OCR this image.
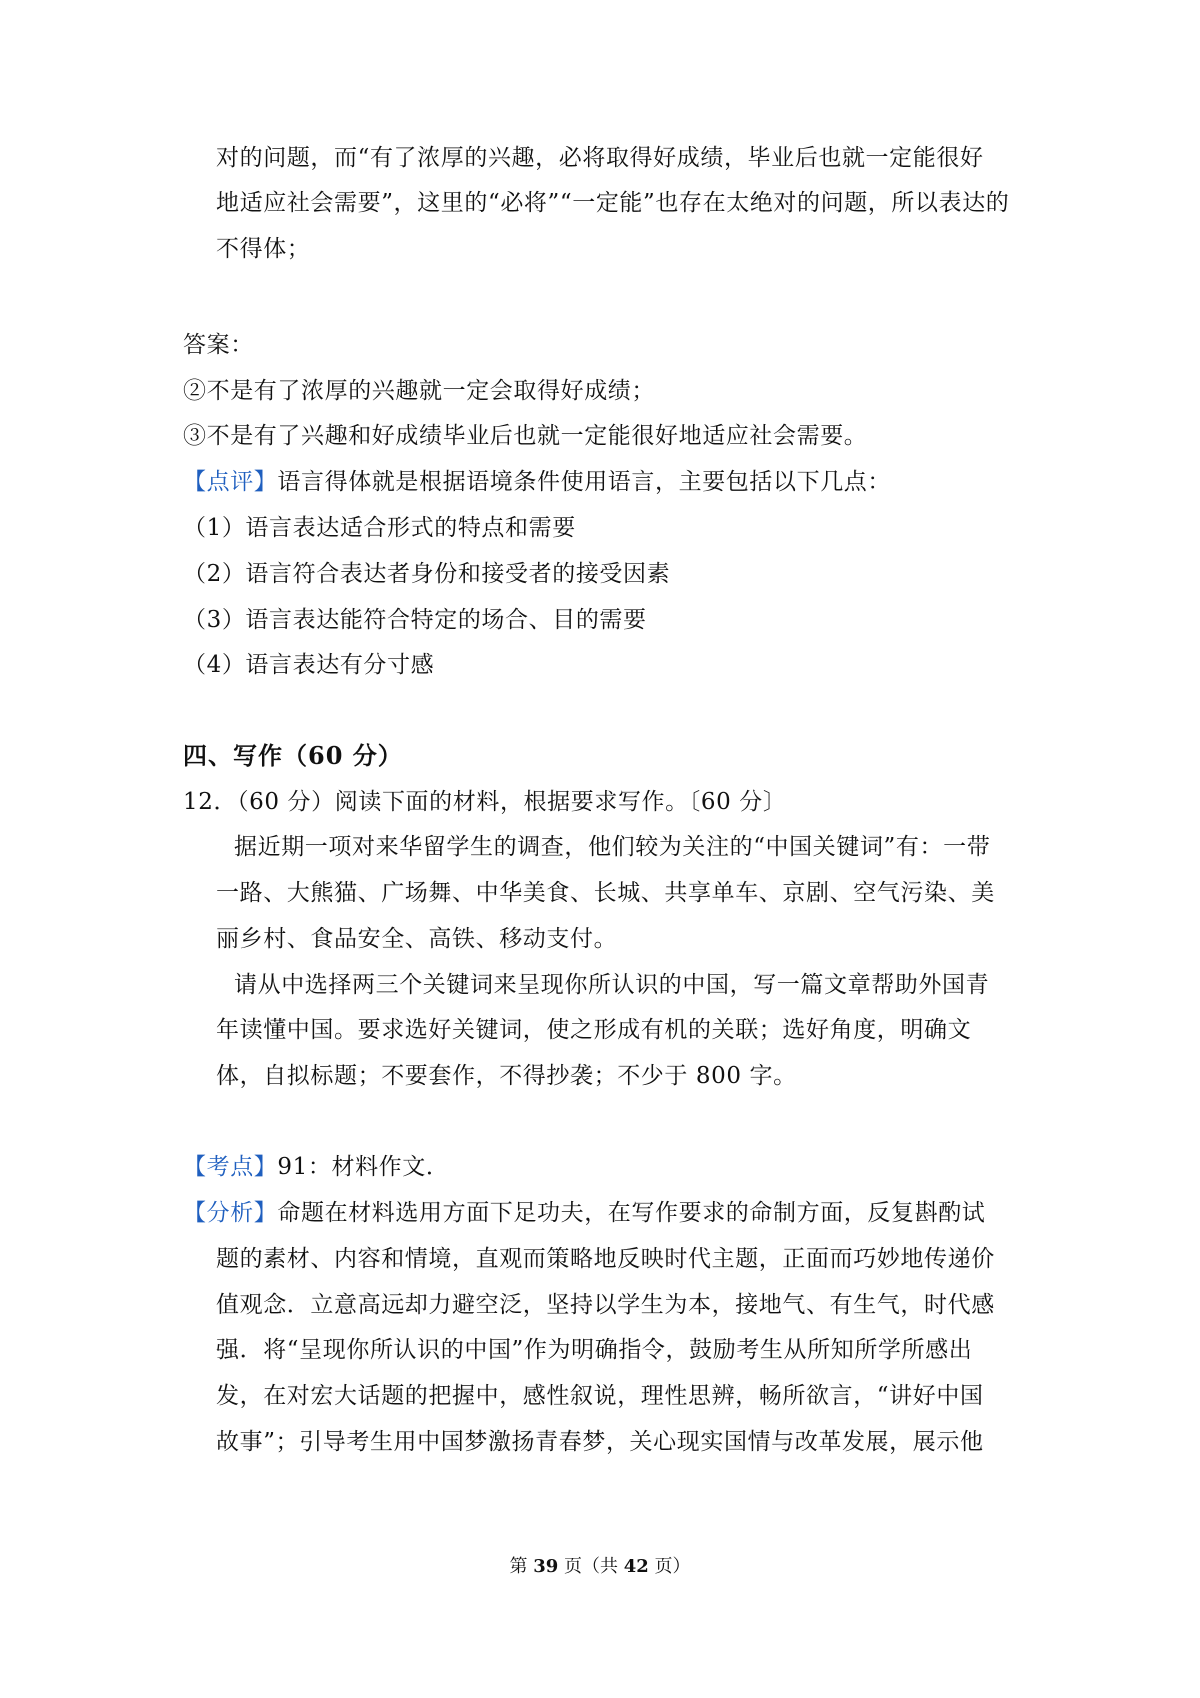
对的问题，而“有了浓厚的兴趣，必将取得好成绩，毕业后也就一定能很好
地适应社会需要”，这里的“必将”“一定能”也存在太绝对的问题，所以表达的
不得体；
答案：
②不是有了浓厚的兴趣就一定会取得好成绩；
③不是有了兴趣和好成绩毕业后也就一定能很好地适应社会需要。
【点评】语言得体就是根据语境条件使用语言，主要包括以下几点：
（1）语言表达适合形式的特点和需要
（2）语言符合表达者身份和接受者的接受因素
（3）语言表达能符合特定的场合、目的需要
（4）语言表达有分寸感
四、写作（60 分）
12．（60 分）阅读下面的材料，根据要求写作。〔60 分〕
据近期一项对来华留学生的调查，他们较为关注的“中国关键词”有：一带
一路、大熊猫、广场舞、中华美食、长城、共享单车、京剧、空气污染、美
丽乡村、食品安全、高铁、移动支付。
请从中选择两三个关键词来呈现你所认识的中国，写一篇文章帮助外国青
年读懂中国。要求选好关键词，使之形成有机的关联；选好角度，明确文
体，自拟标题；不要套作，不得抄袭；不少于 800 字。
【考点】91：材料作文．
【分析】命题在材料选用方面下足功夫，在写作要求的命制方面，反复斟酌试
题的素材、内容和情境，直观而策略地反映时代主题，正面而巧妙地传递价
值观念．立意高远却力避空泛，坚持以学生为本，接地气、有生气，时代感
强．将“呈现你所认识的中国”作为明确指令，鼓励考生从所知所学所感出
发，在对宏大话题的把握中，感性叙说，理性思辨，畅所欲言，“讲好中国
故事”；引导考生用中国梦激扬青春梦，关心现实国情与改革发展，展示他
第 39 页（共 42 页）
